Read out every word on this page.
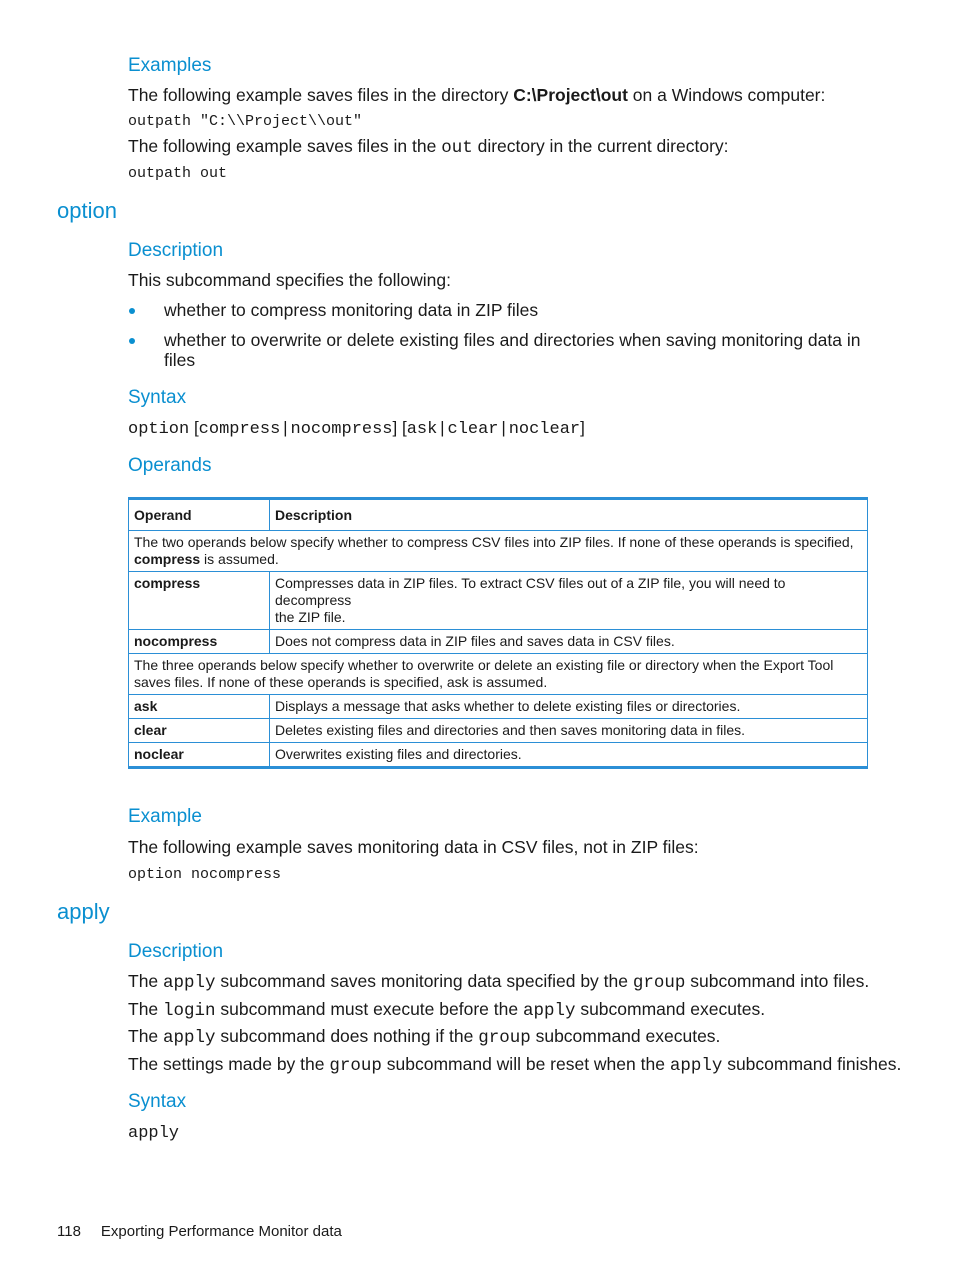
Examples
The following example saves files in the directory C:\Project\out on a Windows computer:
outpath "C:\\Project\\out"
The following example saves files in the out directory in the current directory:
outpath out
option
Description
This subcommand specifies the following:
whether to compress monitoring data in ZIP files
whether to overwrite or delete existing files and directories when saving monitoring data in
files
Syntax
option [compress|nocompress] [ask|clear|noclear]
Operands
Operand	Description
The two operands below specify whether to compress CSV files into ZIP files. If none of these operands is specified,
compress is assumed.	
compress	Compresses data in ZIP files. To extract CSV files out of a ZIP file, you will need to decompress
the ZIP file.
nocompress	Does not compress data in ZIP files and saves data in CSV files.
The three operands below specify whether to overwrite or delete an existing file or directory when the Export Tool
saves files. If none of these operands is specified, ask is assumed.	
ask	Displays a message that asks whether to delete existing files or directories.
clear	Deletes existing files and directories and then saves monitoring data in files.
noclear	Overwrites existing files and directories.
Example
The following example saves monitoring data in CSV files, not in ZIP files:
option nocompress
apply
Description
The apply subcommand saves monitoring data specified by the group subcommand into files.
The login subcommand must execute before the apply subcommand executes.
The apply subcommand does nothing if the group subcommand executes.
The settings made by the group subcommand will be reset when the apply subcommand finishes.
Syntax
apply
118 Exporting Performance Monitor data
